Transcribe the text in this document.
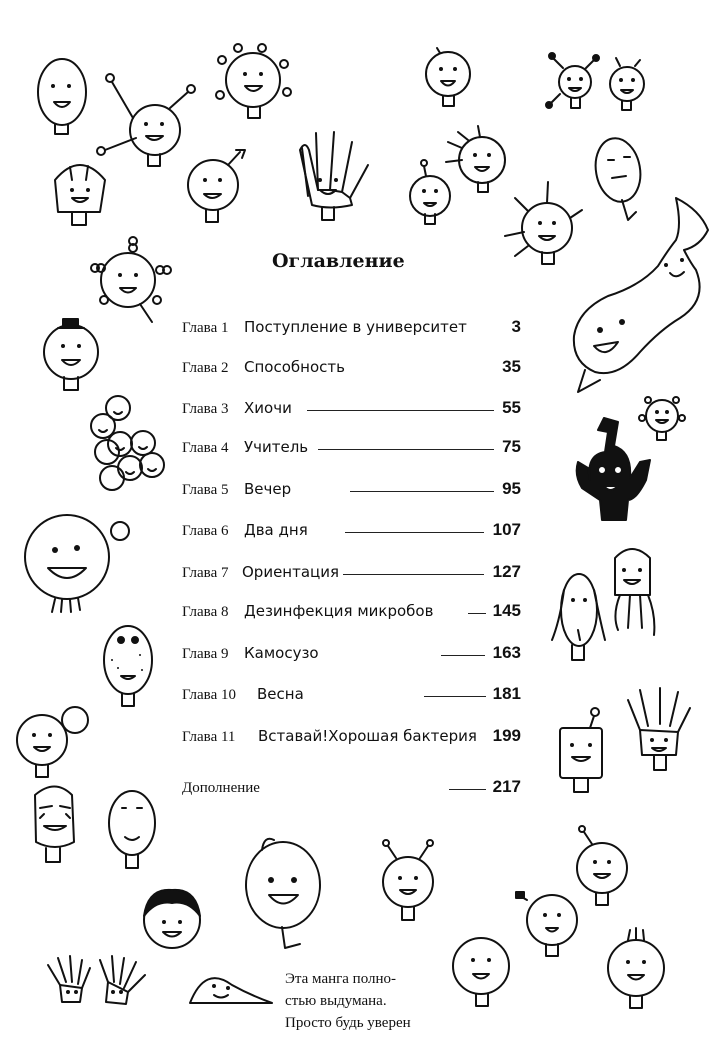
Оглавление
Глава 1 Поступление в университет	3
Глава 2 Способность	35
Глава 3 Хиочи	55
Глава 4 Учитель	75
Глава 5 Вечер	95
Глава 6 Два дня	107
Глава 7 Ориентация	127
Глава 8 Дезинфекция микробов	145
Глава 9 Камосузо	163
Глава 10 Весна	181
Глава 11 Вставай!Хорошая бактерия 199
Дополнение	217
Эта манга полно-
стью выдумана.
Просто будь уверен
